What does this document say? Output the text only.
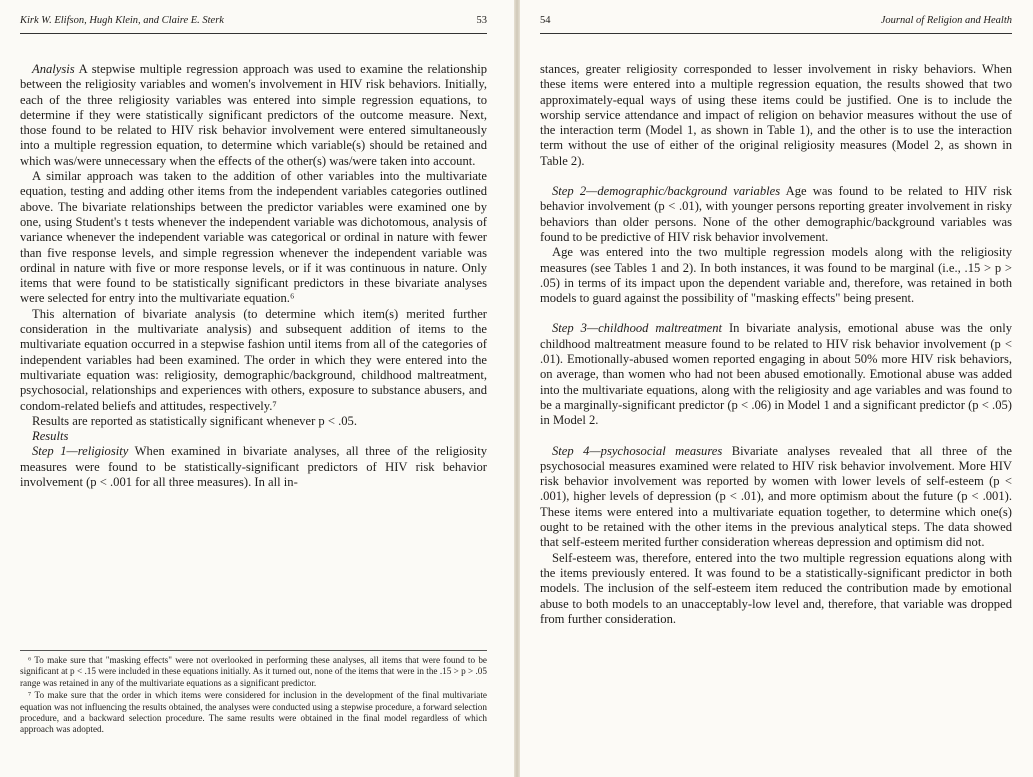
Kirk W. Elifson, Hugh Klein, and Claire E. Sterk	53

Analysis A stepwise multiple regression approach was used to examine the relationship between the religiosity variables and women's involvement in HIV risk behaviors. Initially, each of the three religiosity variables was entered into simple regression equations, to determine if they were statistically significant predictors of the outcome measure. Next, those found to be related to HIV risk behavior involvement were entered simultaneously into a multiple regression equation, to determine which variable(s) should be retained and which was/were unnecessary when the effects of the other(s) was/were taken into account.

A similar approach was taken to the addition of other variables into the multivariate equation, testing and adding other items from the independent variables categories outlined above. The bivariate relationships between the predictor variables were examined one by one, using Student's t tests whenever the independent variable was dichotomous, analysis of variance whenever the independent variable was categorical or ordinal in nature with fewer than five response levels, and simple regression whenever the independent variable was ordinal in nature with five or more response levels, or if it was continuous in nature. Only items that were found to be statistically significant predictors in these bivariate analyses were selected for entry into the multivariate equation.⁶

This alternation of bivariate analysis (to determine which item(s) merited further consideration in the multivariate analysis) and subsequent addition of items to the multivariate equation occurred in a stepwise fashion until items from all of the categories of independent variables had been examined. The order in which they were entered into the multivariate equation was: religiosity, demographic/background, childhood maltreatment, psychosocial, relationships and experiences with others, exposure to substance abusers, and condom-related beliefs and attitudes, respectively.⁷

Results are reported as statistically significant whenever p < .05.

Results

Step 1—religiosity When examined in bivariate analyses, all three of the religiosity measures were found to be statistically-significant predictors of HIV risk behavior involvement (p < .001 for all three measures). In all in-

⁶ To make sure that "masking effects" were not overlooked in performing these analyses, all items that were found to be significant at p < .15 were included in these equations initially. As it turned out, none of the items that were in the .15 > p > .05 range was retained in any of the multivariate equations as a significant predictor.

⁷ To make sure that the order in which items were considered for inclusion in the development of the final multivariate equation was not influencing the results obtained, the analyses were conducted using a stepwise procedure, a forward selection procedure, and a backward selection procedure. The same results were obtained in the final model regardless of which approach was adopted.

54	Journal of Religion and Health

stances, greater religiosity corresponded to lesser involvement in risky behaviors. When these items were entered into a multiple regression equation, the results showed that two approximately-equal ways of using these items could be justified. One is to include the worship service attendance and impact of religion on behavior measures without the use of the interaction term (Model 1, as shown in Table 1), and the other is to use the interaction term without the use of either of the original religiosity measures (Model 2, as shown in Table 2).

Step 2—demographic/background variables Age was found to be related to HIV risk behavior involvement (p < .01), with younger persons reporting greater involvement in risky behaviors than older persons. None of the other demographic/background variables was found to be predictive of HIV risk behavior involvement.

Age was entered into the two multiple regression models along with the religiosity measures (see Tables 1 and 2). In both instances, it was found to be marginal (i.e., .15 > p > .05) in terms of its impact upon the dependent variable and, therefore, was retained in both models to guard against the possibility of "masking effects" being present.

Step 3—childhood maltreatment In bivariate analysis, emotional abuse was the only childhood maltreatment measure found to be related to HIV risk behavior involvement (p < .01). Emotionally-abused women reported engaging in about 50% more HIV risk behaviors, on average, than women who had not been abused emotionally. Emotional abuse was added into the multivariate equations, along with the religiosity and age variables and was found to be a marginally-significant predictor (p < .06) in Model 1 and a significant predictor (p < .05) in Model 2.

Step 4—psychosocial measures Bivariate analyses revealed that all three of the psychosocial measures examined were related to HIV risk behavior involvement. More HIV risk behavior involvement was reported by women with lower levels of self-esteem (p < .001), higher levels of depression (p < .01), and more optimism about the future (p < .001). These items were entered into a multivariate equation together, to determine which one(s) ought to be retained with the other items in the previous analytical steps. The data showed that self-esteem merited further consideration whereas depression and optimism did not.

Self-esteem was, therefore, entered into the two multiple regression equations along with the items previously entered. It was found to be a statistically-significant predictor in both models. The inclusion of the self-esteem item reduced the contribution made by emotional abuse to both models to an unacceptably-low level and, therefore, that variable was dropped from further consideration.
